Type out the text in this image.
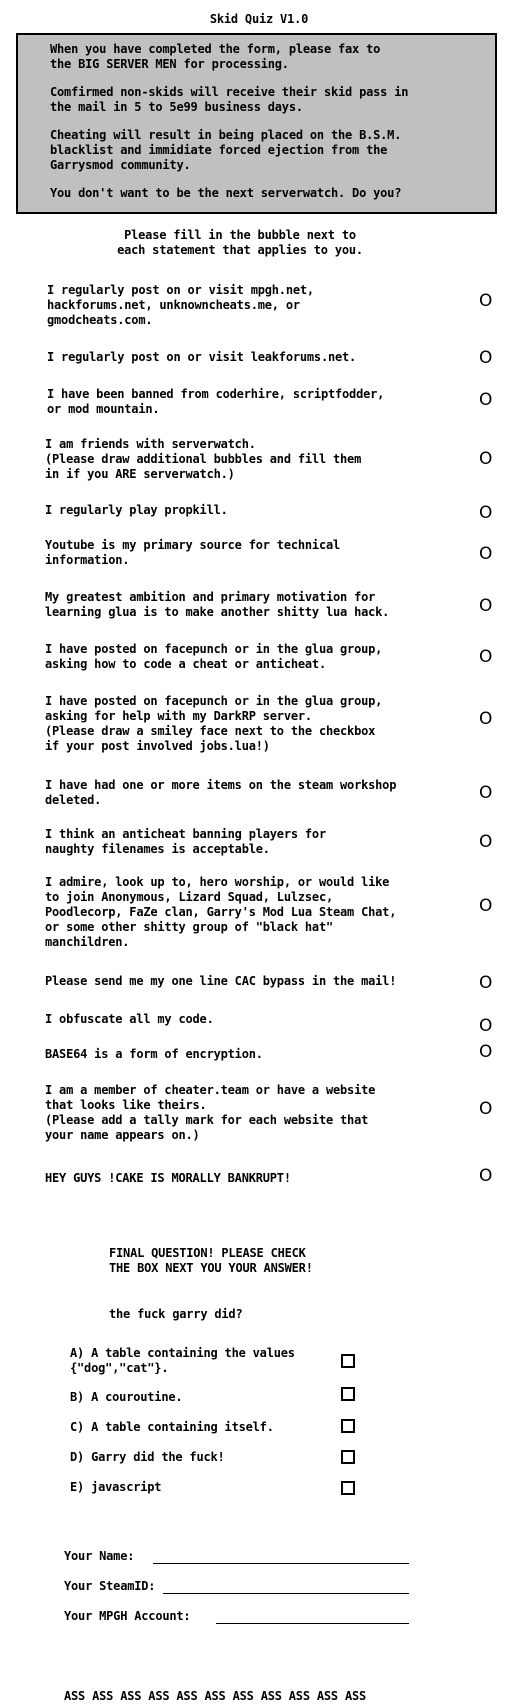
Skid Quiz V1.0

When you have completed the form, please fax to
the BIG SERVER MEN for processing.

Comfirmed non-skids will receive their skid pass in
the mail in 5 to 5e99 business days.

Cheating will result in being placed on the B.S.M.
blacklist and immidiate forced ejection from the
Garrysmod community.

You don't want to be the next serverwatch. Do you?

Please fill in the bubble next to
each statement that applies to you.
I regularly post on or visit mpgh.net,
hackforums.net, unknowncheats.me, or
gmodcheats.com.
O
I regularly post on or visit leakforums.net.	O
I have been banned from coderhire, scriptfodder,
or mod mountain.	O
I am friends with serverwatch.
(Please draw additional bubbles and fill them
in if you ARE serverwatch.)
O
I regularly play propkill.	O
Youtube is my primary source for technical
information.	O
My greatest ambition and primary motivation for
learning glua is to make another shitty lua hack.	O
I have posted on facepunch or in the glua group,
asking how to code a cheat or anticheat.	O
I have posted on facepunch or in the glua group,
asking for help with my DarkRP server.
(Please draw a smiley face next to the checkbox
if your post involved jobs.lua!)
O
I have had one or more items on the steam workshop
deleted.	O
I think an anticheat banning players for
naughty filenames is acceptable.	O
I admire, look up to, hero worship, or would like
to join Anonymous, Lizard Squad, Lulzsec,
Poodlecorp, FaZe clan, Garry's Mod Lua Steam Chat,
or some other shitty group of "black hat"
manchildren.
O
Please send me my one line CAC bypass in the mail!	O
I obfuscate all my code.	O
BASE64 is a form of encryption.	O
I am a member of cheater.team or have a website
that looks like theirs.
(Please add a tally mark for each website that
your name appears on.)
O
HEY GUYS !CAKE IS MORALLY BANKRUPT!	O
FINAL QUESTION! PLEASE CHECK
THE BOX NEXT YOU YOUR ANSWER!
the fuck garry did?
A) A table containing the values
{"dog","cat"}.
B) A couroutine.
C) A table containing itself.
D) Garry did the fuck!
E) javascript
Your Name:
Your SteamID:
Your MPGH Account:
ASS ASS ASS ASS ASS ASS ASS ASS ASS ASS ASS
